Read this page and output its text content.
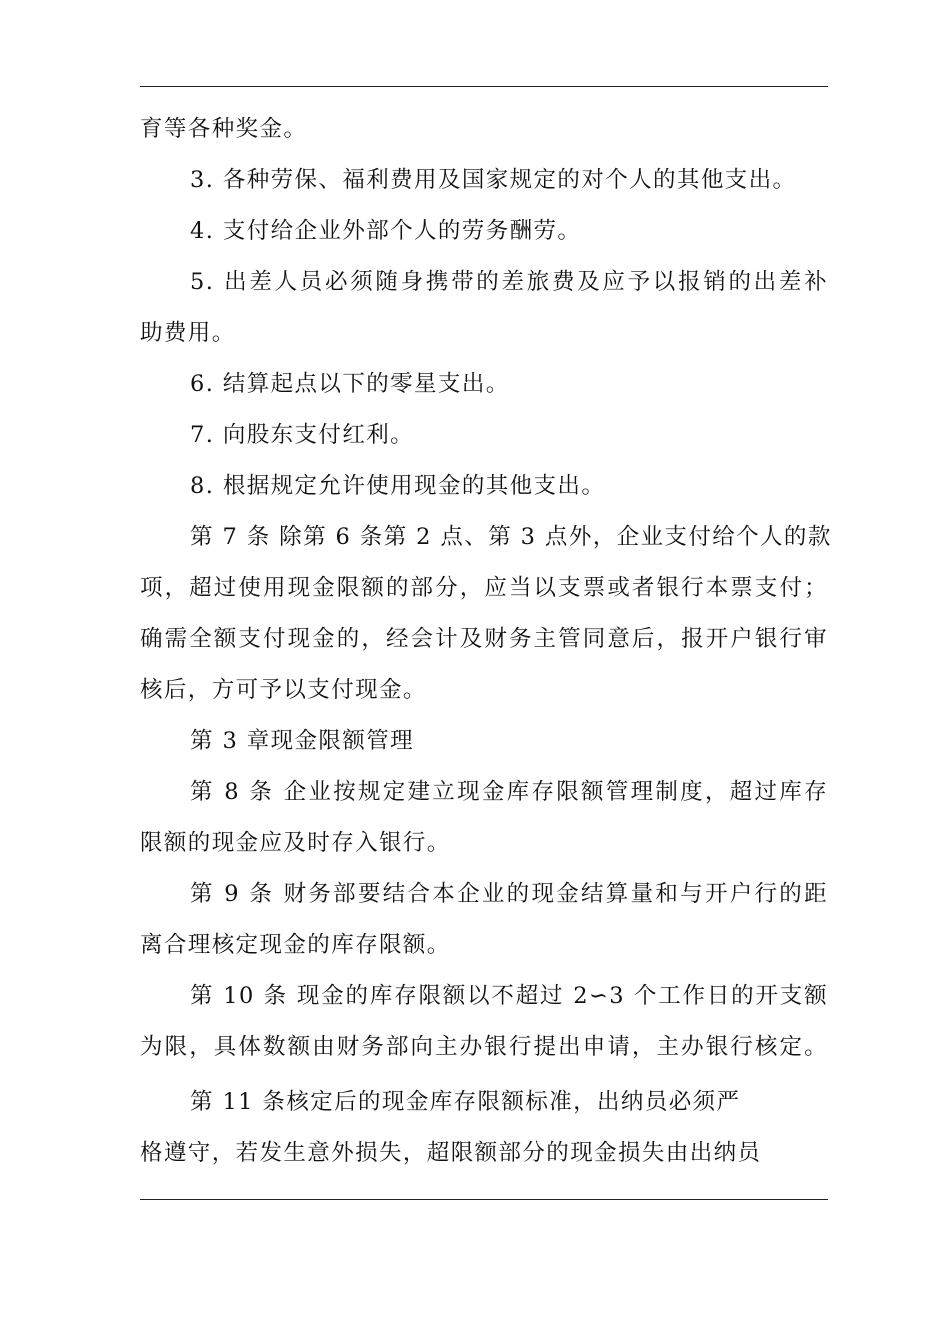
育等各种奖金。
3. 各种劳保、福利费用及国家规定的对个人的其他支出。
4. 支付给企业外部个人的劳务酬劳。
5. 出差人员必须随身携带的差旅费及应予以报销的出差补
助费用。
6. 结算起点以下的零星支出。
7. 向股东支付红利。
8. 根据规定允许使用现金的其他支出。
第 7 条 除第 6 条第 2 点、第 3 点外，企业支付给个人的款
项，超过使用现金限额的部分，应当以支票或者银行本票支付；
确需全额支付现金的，经会计及财务主管同意后，报开户银行审
核后，方可予以支付现金。
第 3 章现金限额管理
第 8 条 企业按规定建立现金库存限额管理制度，超过库存
限额的现金应及时存入银行。
第 9 条 财务部要结合本企业的现金结算量和与开户行的距
离合理核定现金的库存限额。
第 10 条 现金的库存限额以不超过 2∽3 个工作日的开支额
为限，具体数额由财务部向主办银行提出申请，主办银行核定。
第 11 条核定后的现金库存限额标准，出纳员必须严
格遵守，若发生意外损失，超限额部分的现金损失由出纳员
